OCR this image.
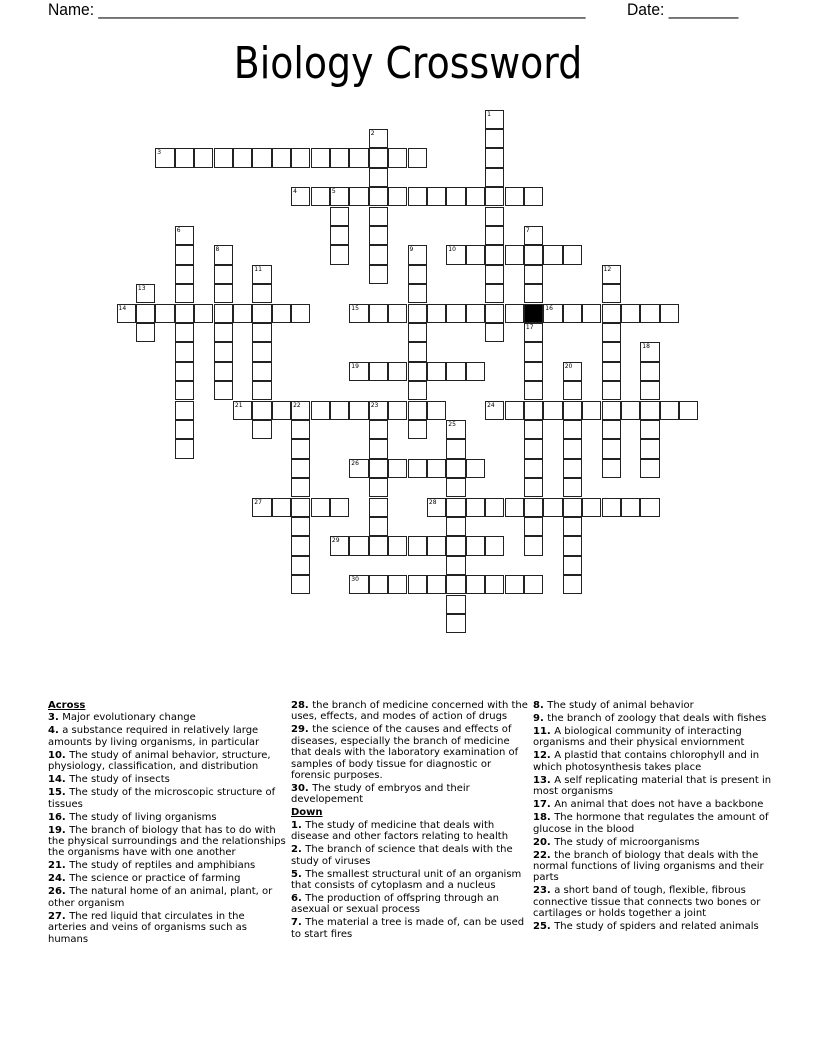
Name: ________________________________________________________ Date: ________
Biology Crossword
1
2
3
4	5
6	7
8	9	10
11	12
13
14	15	16
17
18
19	20
21	22	23	24
25
26
27	28
29
30
Across
3. Major evolutionary change
4. a substance required in relatively large amounts by living organisms, in particular
10. The study of animal behavior, structure, physiology, classification, and distribution
14. The study of insects
15. The study of the microscopic structure of tissues
16. The study of living organisms
19. The branch of biology that has to do with the physical surroundings and the relationships the organisms have with one another
21. The study of reptiles and amphibians
24. The science or practice of farming
26. The natural home of an animal, plant, or other organism
27. The red liquid that circulates in the arteries and veins of organisms such as humans
28. the branch of medicine concerned with the uses, effects, and modes of action of drugs
29. the science of the causes and effects of diseases, especially the branch of medicine that deals with the laboratory examination of samples of body tissue for diagnostic or forensic purposes.
30. The study of embryos and their developement
Down
1. The study of medicine that deals with disease and other factors relating to health
2. The branch of science that deals with the study of viruses
5. The smallest structural unit of an organism that consists of cytoplasm and a nucleus
6. The production of offspring through an asexual or sexual process
7. The material a tree is made of, can be used to start fires
8. The study of animal behavior
9. the branch of zoology that deals with fishes
11. A biological community of interacting organisms and their physical enviornment
12. A plastid that contains chlorophyll and in which photosynthesis takes place
13. A self replicating material that is present in most organisms
17. An animal that does not have a backbone
18. The hormone that regulates the amount of glucose in the blood
20. The study of microorganisms
22. the branch of biology that deals with the normal functions of living organisms and their parts
23. a short band of tough, flexible, fibrous connective tissue that connects two bones or cartilages or holds together a joint
25. The study of spiders and related animals
